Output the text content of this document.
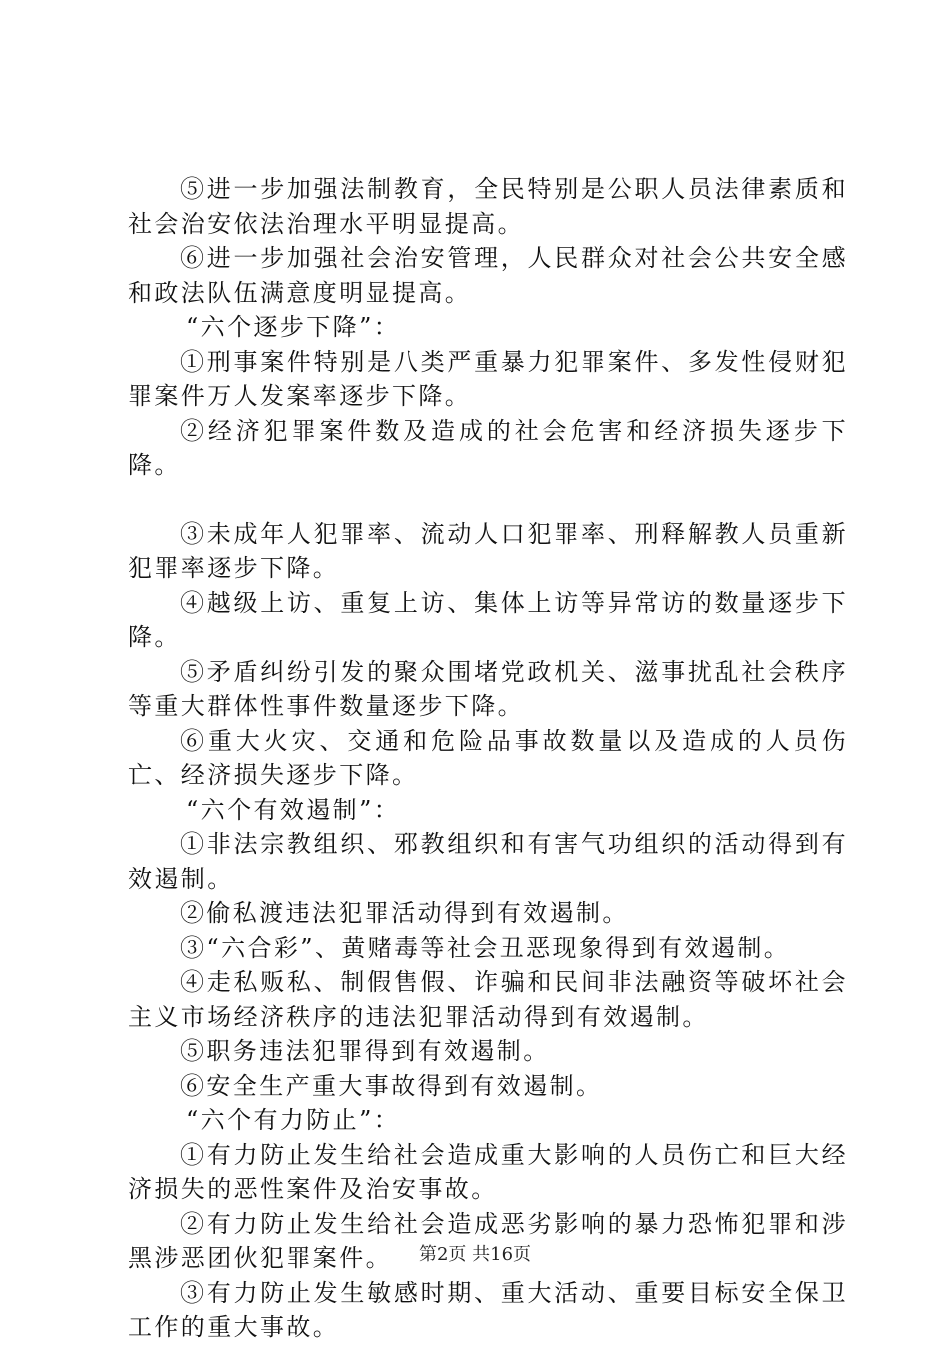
⑤进一步加强法制教育，全民特别是公职人员法律素质和社会治安依法治理水平明显提高。

⑥进一步加强社会治安管理，人民群众对社会公共安全感和政法队伍满意度明显提高。

“六个逐步下降”：

①刑事案件特别是八类严重暴力犯罪案件、多发性侵财犯罪案件万人发案率逐步下降。

②经济犯罪案件数及造成的社会危害和经济损失逐步下降。

③未成年人犯罪率、流动人口犯罪率、刑释解教人员重新犯罪率逐步下降。

④越级上访、重复上访、集体上访等异常访的数量逐步下降。

⑤矛盾纠纷引发的聚众围堵党政机关、滋事扰乱社会秩序等重大群体性事件数量逐步下降。

⑥重大火灾、交通和危险品事故数量以及造成的人员伤亡、经济损失逐步下降。

“六个有效遏制”：

①非法宗教组织、邪教组织和有害气功组织的活动得到有效遏制。

②偷私渡违法犯罪活动得到有效遏制。

③“六合彩”、黄赌毒等社会丑恶现象得到有效遏制。

④走私贩私、制假售假、诈骗和民间非法融资等破坏社会主义市场经济秩序的违法犯罪活动得到有效遏制。

⑤职务违法犯罪得到有效遏制。

⑥安全生产重大事故得到有效遏制。

“六个有力防止”：

①有力防止发生给社会造成重大影响的人员伤亡和巨大经济损失的恶性案件及治安事故。

②有力防止发生给社会造成恶劣影响的暴力恐怖犯罪和涉黑涉恶团伙犯罪案件。

③有力防止发生敏感时期、重大活动、重要目标安全保卫工作的重大事故。

第2页 共16页
